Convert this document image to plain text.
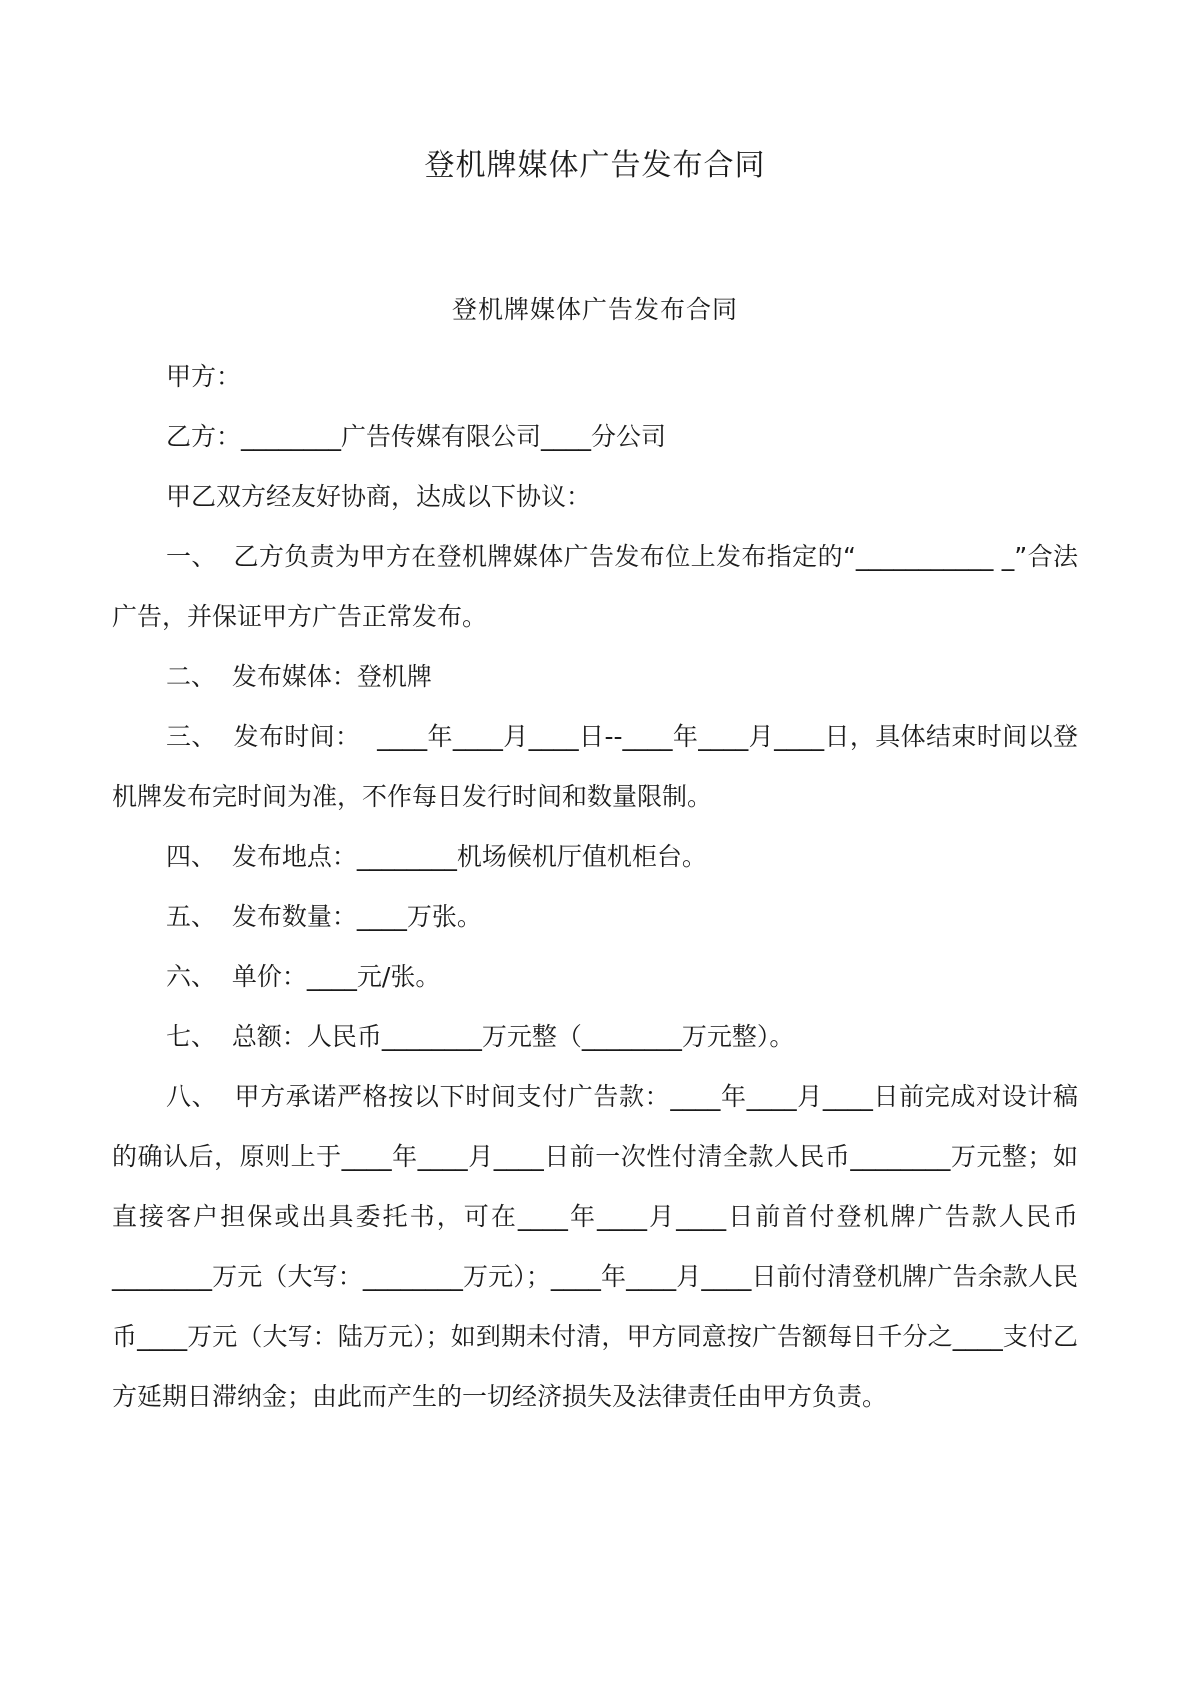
登机牌媒体广告发布合同
登机牌媒体广告发布合同

甲方：

乙方：________广告传媒有限公司____分公司

甲乙双方经友好协商，达成以下协议：

一、  乙方负责为甲方在登机牌媒体广告发布位上发布指定的“___________ _”合法广告，并保证甲方广告正常发布。

二、  发布媒体：登机牌

三、  发布时间：  ____年____月____日--____年____月____日，具体结束时间以登机牌发布完时间为准，不作每日发行时间和数量限制。

四、  发布地点：________机场候机厅值机柜台。

五、  发布数量：____万张。

六、  单价：____元/张。

七、  总额：人民币________万元整（________万元整）。

八、  甲方承诺严格按以下时间支付广告款：____年____月____日前完成对设计稿的确认后，原则上于____年____月____日前一次性付清全款人民币________万元整；如直接客户担保或出具委托书，可在____年____月____日前首付登机牌广告款人民币________万元（大写：________万元）；____年____月____日前付清登机牌广告余款人民币____万元（大写：陆万元）；如到期未付清，甲方同意按广告额每日千分之____支付乙方延期日滞纳金；由此而产生的一切经济损失及法律责任由甲方负责。
